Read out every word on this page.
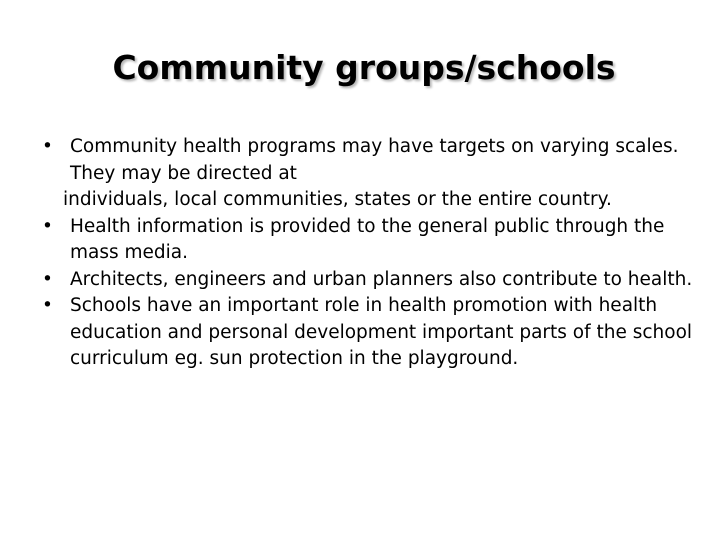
Community groups/schools
• Community health programs may have targets on varying scales. They may be directed at
individuals, local communities, states or the entire country.
• Health information is provided to the general public through the mass media.
• Architects, engineers and urban planners also contribute to health.
• Schools have an important role in health promotion with health education and personal development important parts of the school curriculum eg. sun protection in the playground.
